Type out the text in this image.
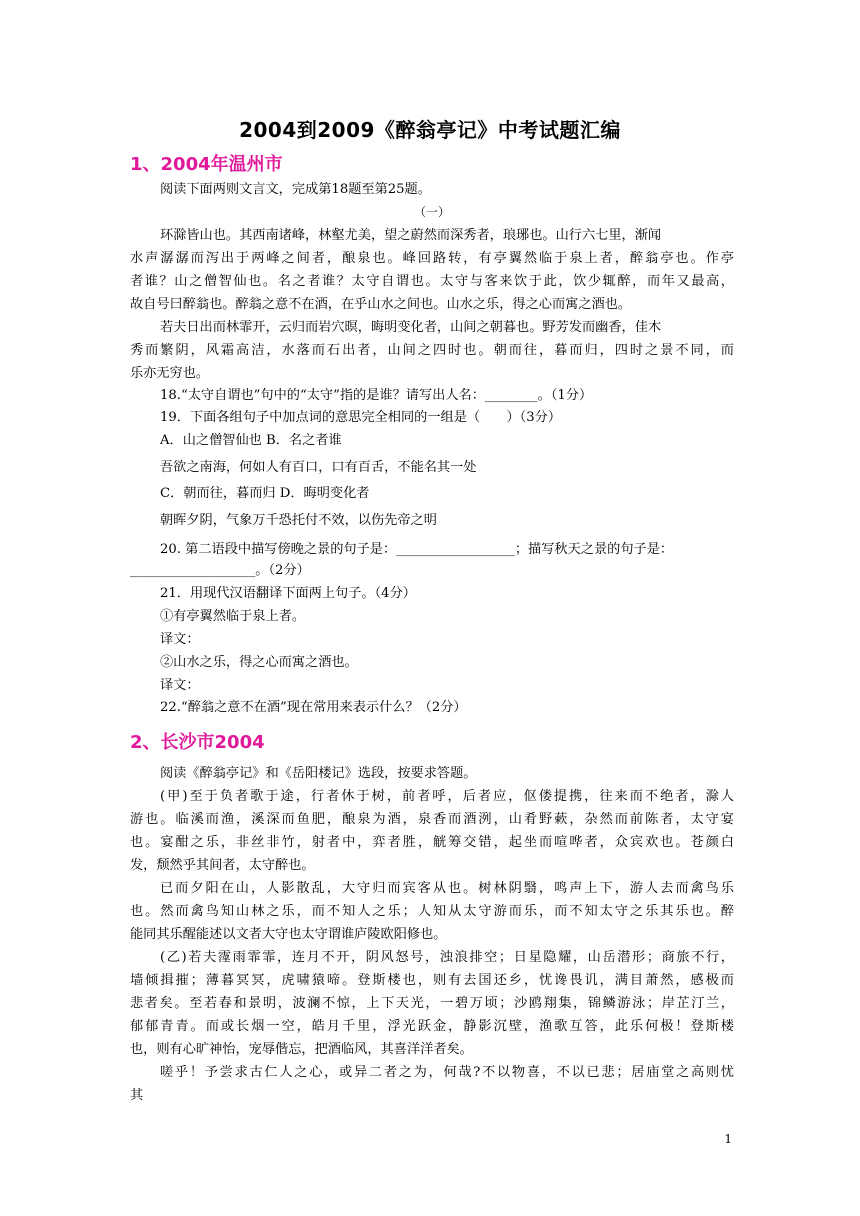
2004到2009《醉翁亭记》中考试题汇编
1、2004年温州市
阅读下面两则文言文，完成第18题至第25题。
（一）
环滁皆山也。其西南诸峰，林壑尤美，望之蔚然而深秀者，琅琊也。山行六七里，渐闻
水声潺潺而泻出于两峰之间者，酿泉也。峰回路转，有亭翼然临于泉上者，醉翁亭也。作亭
者谁？山之僧智仙也。名之者谁？太守自谓也。太守与客来饮于此，饮少辄醉，而年又最高，
故自号曰醉翁也。醉翁之意不在酒，在乎山水之间也。山水之乐，得之心而寓之酒也。
若夫日出而林霏开，云归而岩穴暝，晦明变化者，山间之朝暮也。野芳发而幽香，佳木
秀而繁阴，风霜高洁，水落而石出者，山间之四时也。朝而往，暮而归，四时之景不同，而
乐亦无穷也。
18.“太守自谓也”句中的“太守”指的是谁？请写出人名：________。（1分）
19．下面各组句子中加点词的意思完全相同的一组是（　　）（3分）
A．山之僧智仙也 B．名之者谁
吾欲之南海，何如人有百口，口有百舌，不能名其一处
C．朝而往，暮而归 D．晦明变化者
朝晖夕阴，气象万千恐托付不效，以伤先帝之明
20. 第二语段中描写傍晚之景的句子是：__________________；描写秋天之景的句子是：
___________________。（2分）
21．用现代汉语翻译下面两上句子。（4分）
①有亭翼然临于泉上者。
译文：
②山水之乐，得之心而寓之酒也。
译文：
22.“醉翁之意不在酒”现在常用来表示什么？（2分）
2、长沙市2004
阅读《醉翁亭记》和《岳阳楼记》选段，按要求答题。
(甲)至于负者歌于途，行者休于树，前者呼，后者应，伛偻提携，往来而不绝者，滁人
游也。临溪而渔，溪深而鱼肥，酿泉为酒，泉香而酒洌，山肴野蔌，杂然而前陈者，太守宴
也。宴酣之乐，非丝非竹，射者中，弈者胜，觥筹交错，起坐而喧哗者，众宾欢也。苍颜白
发，颓然乎其间者，太守醉也。
已而夕阳在山，人影散乱，大守归而宾客从也。树林阴翳，鸣声上下，游人去而禽鸟乐
也。然而禽鸟知山林之乐，而不知人之乐；人知从太守游而乐，而不知太守之乐其乐也。醉
能同其乐醒能述以文者大守也太守谓谁庐陵欧阳修也。
(乙)若夫霪雨霏霏，连月不开，阴风怒号，浊浪排空；日星隐耀，山岳潜形；商旅不行，
墙倾揖摧；薄暮冥冥，虎啸猿啼。登斯楼也，则有去国还乡，忧谗畏讥，满目萧然，感极而
悲者矣。至若春和景明，波澜不惊，上下天光，一碧万顷；沙鸥翔集，锦鳞游泳；岸芷汀兰，
郁郁青青。而或长烟一空，皓月千里，浮光跃金，静影沉壁，渔歌互答，此乐何极！登斯楼
也，则有心旷神怡，宠辱偕忘，把酒临风，其喜洋洋者矣。
嗟乎！予尝求古仁人之心，或异二者之为，何哉?不以物喜，不以已悲；居庙堂之高则忧
其
1
